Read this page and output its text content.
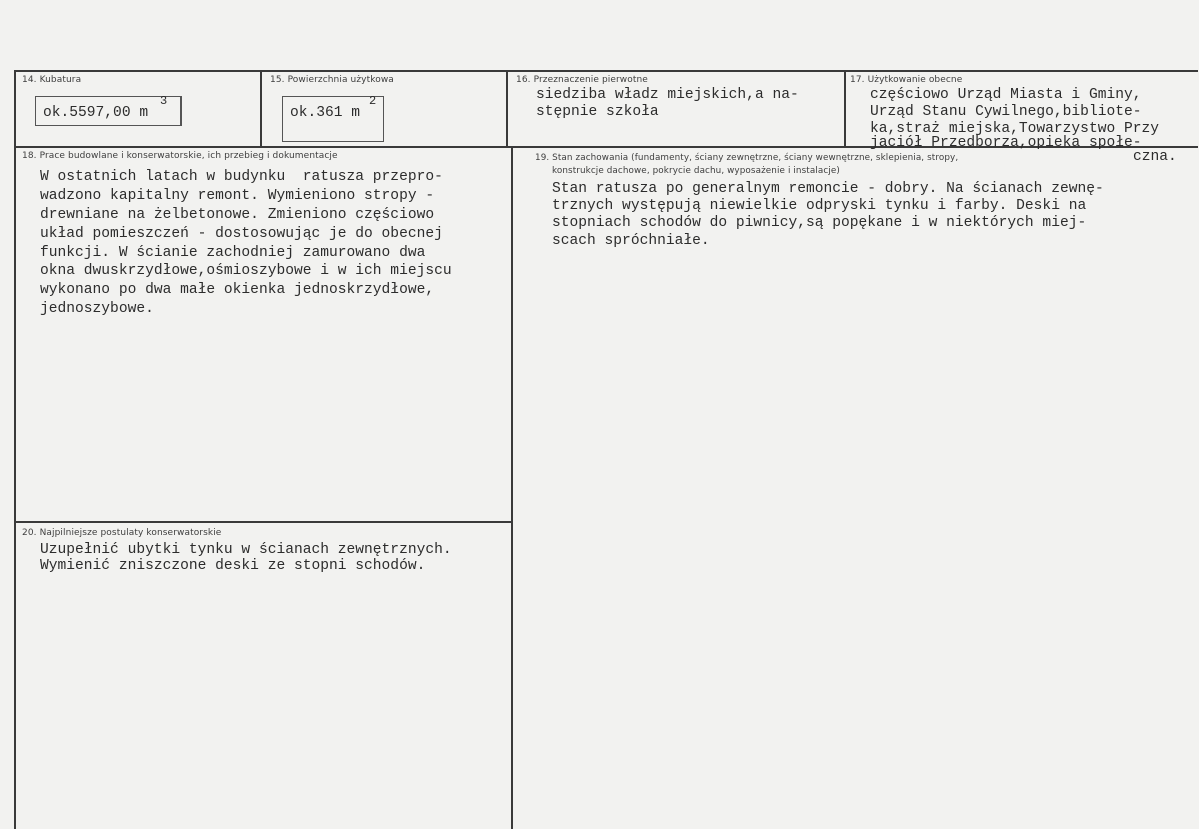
14. Kubatura
ok.5597,00 m
3
15. Powierzchnia użytkowa
ok.361 m
2
16. Przeznaczenie pierwotne
siedziba władz miejskich,a na-
stępnie szkoła
17. Użytkowanie obecne
częściowo Urząd Miasta i Gminy,
Urząd Stanu Cywilnego,bibliote-
ka,straż miejska,Towarzystwo Przy
jaciół Przedborza,opieka społe-
czna.
18. Prace budowlane i konserwatorskie, ich przebieg i dokumentacje
W ostatnich latach w budynku  ratusza przepro-
wadzono kapitalny remont. Wymieniono stropy -
drewniane na żelbetonowe. Zmieniono częściowo
układ pomieszczeń - dostosowując je do obecnej
funkcji. W ścianie zachodniej zamurowano dwa
okna dwuskrzydłowe,ośmioszybowe i w ich miejscu
wykonano po dwa małe okienka jednoskrzydłowe,
jednoszybowe.
19. Stan zachowania (fundamenty, ściany zewnętrzne, ściany wewnętrzne, sklepienia, stropy,
konstrukcje dachowe, pokrycie dachu, wyposażenie i instalacje)
Stan ratusza po generalnym remoncie - dobry. Na ścianach zewnę-
trznych występują niewielkie odpryski tynku i farby. Deski na
stopniach schodów do piwnicy,są popękane i w niektórych miej-
scach spróchniałe.
20. Najpilniejsze postulaty konserwatorskie
Uzupełnić ubytki tynku w ścianach zewnętrznych.
Wymienić zniszczone deski ze stopni schodów.
